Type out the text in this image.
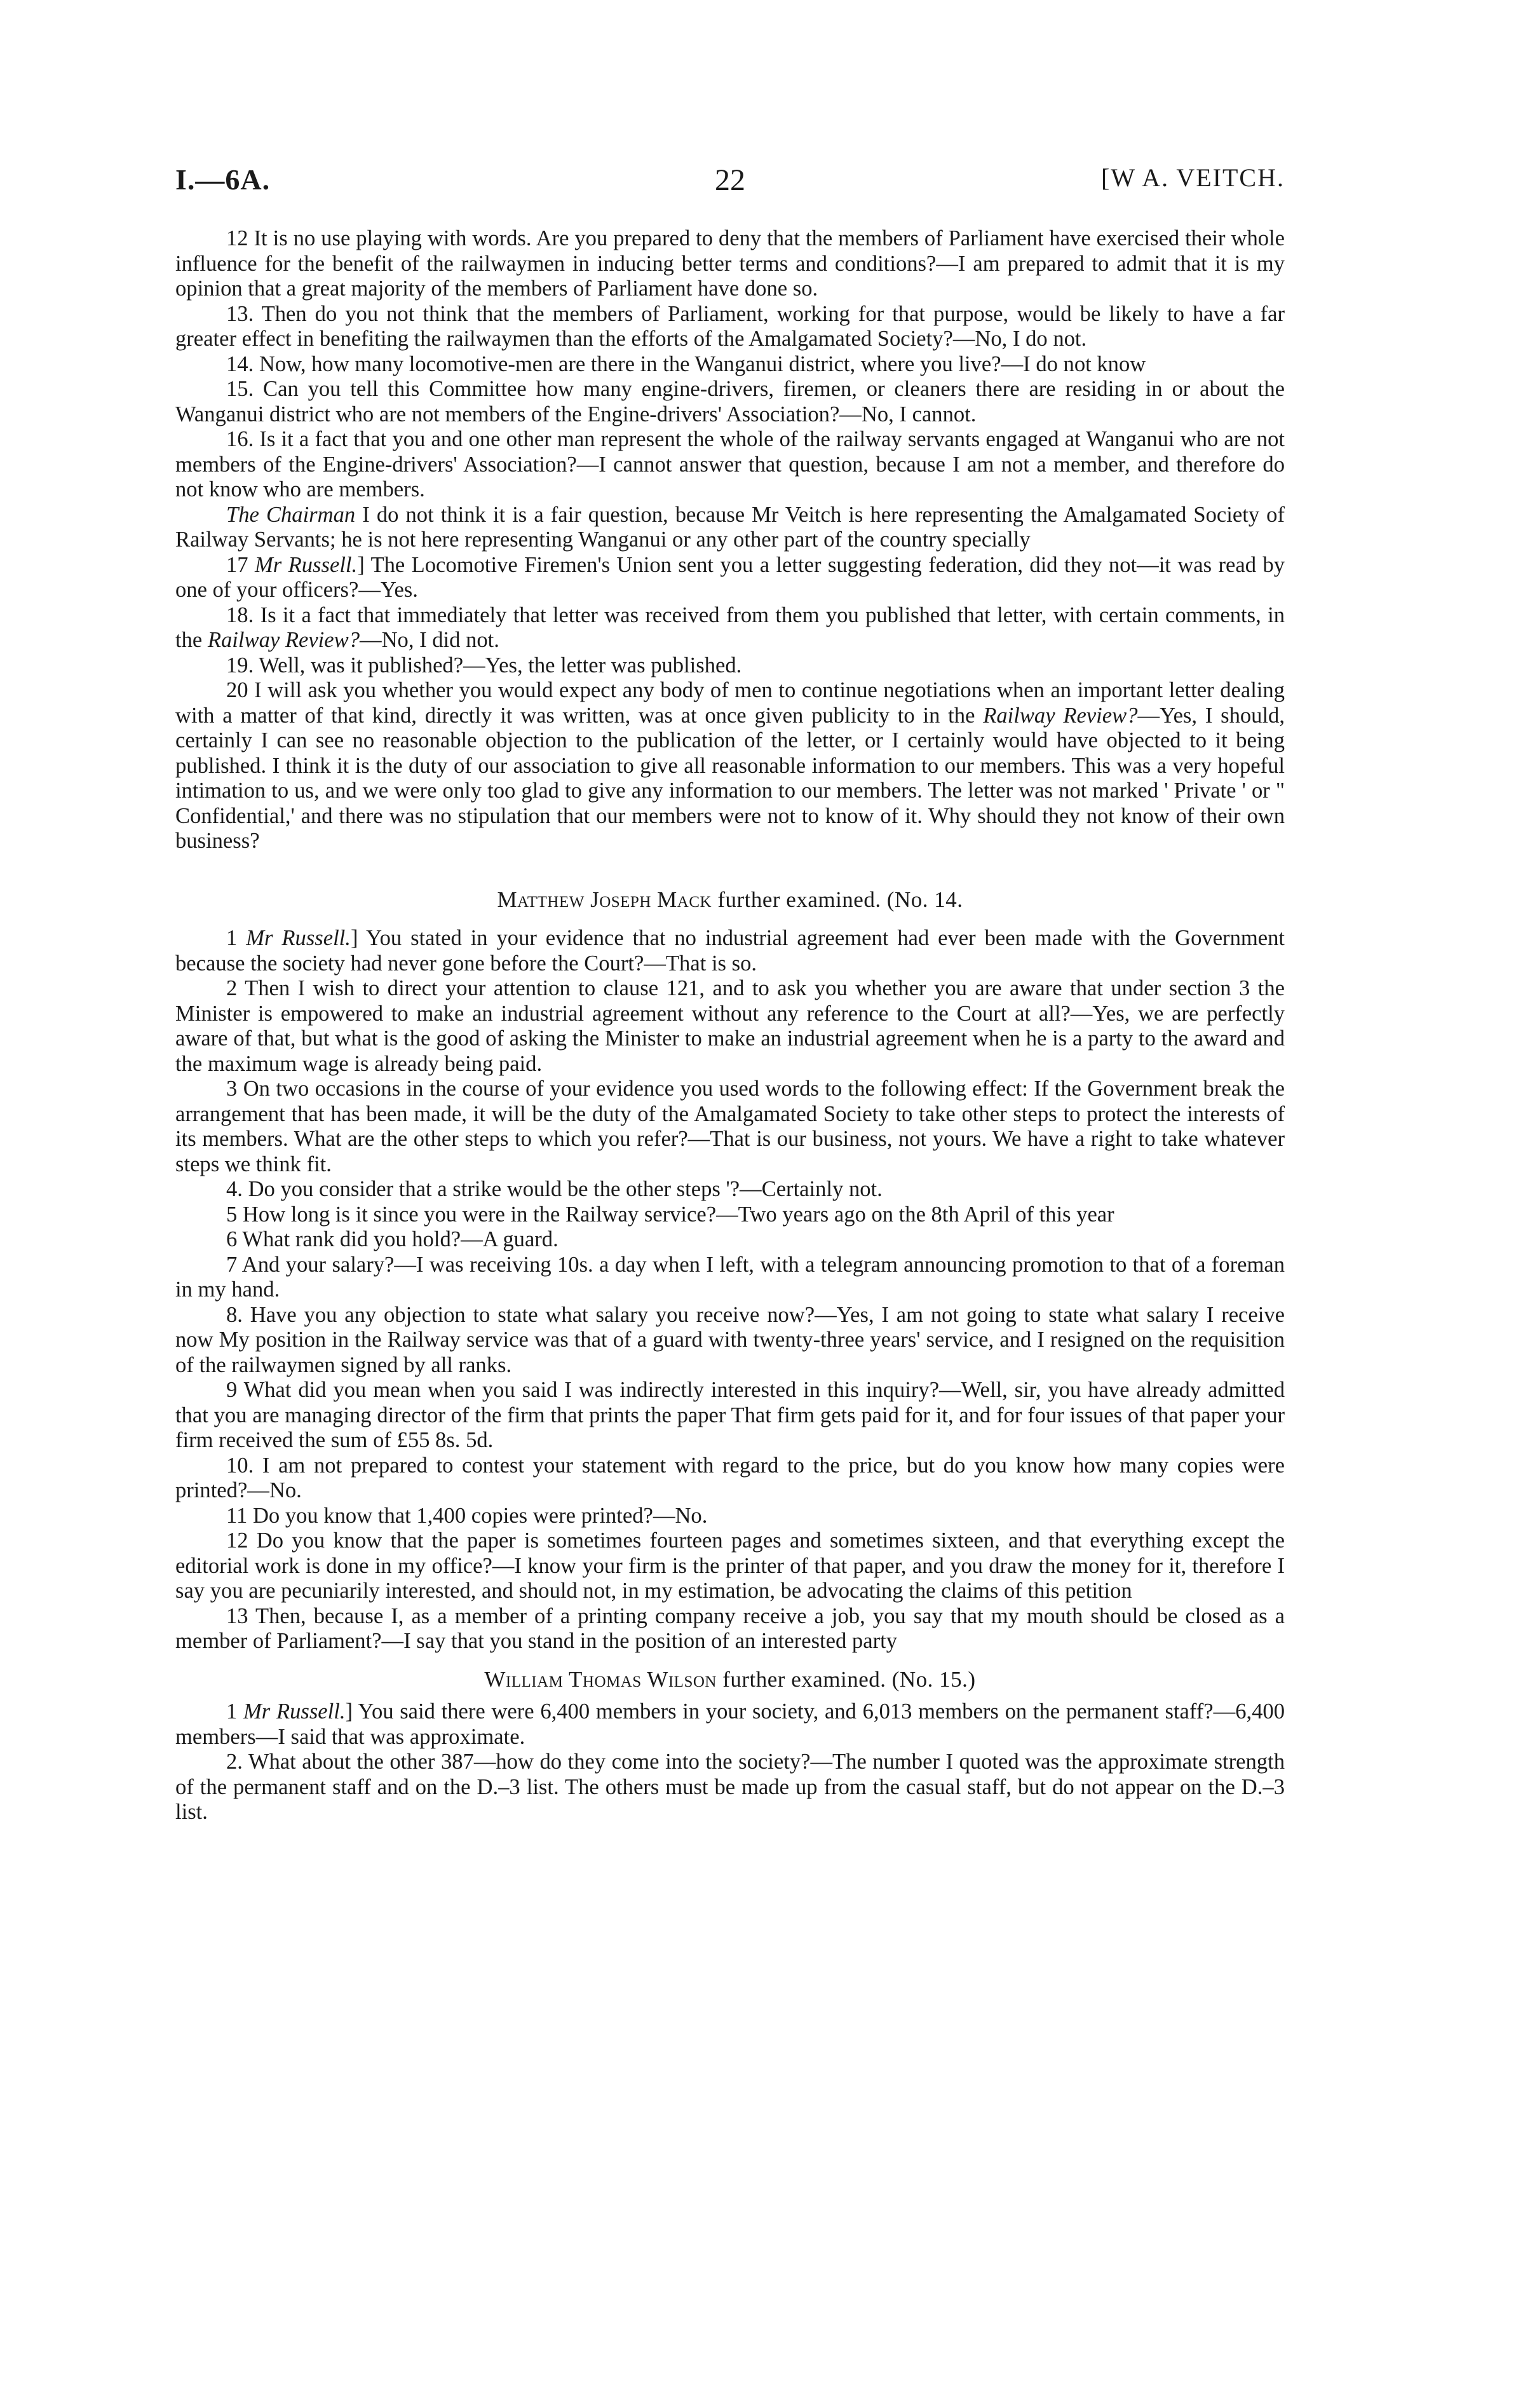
I.—6A.	22	[W A. VEITCH.

12 It is no use playing with words. Are you prepared to deny that the members of Parliament have exercised their whole influence for the benefit of the railwaymen in inducing better terms and conditions?—I am prepared to admit that it is my opinion that a great majority of the members of Parliament have done so.

13. Then do you not think that the members of Parliament, working for that purpose, would be likely to have a far greater effect in benefiting the railwaymen than the efforts of the Amalgamated Society?—No, I do not.

14. Now, how many locomotive-men are there in the Wanganui district, where you live?—I do not know

15. Can you tell this Committee how many engine-drivers, firemen, or cleaners there are residing in or about the Wanganui district who are not members of the Engine-drivers' Association?—No, I cannot.

16. Is it a fact that you and one other man represent the whole of the railway servants engaged at Wanganui who are not members of the Engine-drivers' Association?—I cannot answer that question, because I am not a member, and therefore do not know who are members.

The Chairman I do not think it is a fair question, because Mr Veitch is here representing the Amalgamated Society of Railway Servants; he is not here representing Wanganui or any other part of the country specially

17 Mr Russell.] The Locomotive Firemen's Union sent you a letter suggesting federation, did they not—it was read by one of your officers?—Yes.

18. Is it a fact that immediately that letter was received from them you published that letter, with certain comments, in the Railway Review?—No, I did not.

19. Well, was it published?—Yes, the letter was published.

20 I will ask you whether you would expect any body of men to continue negotiations when an important letter dealing with a matter of that kind, directly it was written, was at once given publicity to in the Railway Review?—Yes, I should, certainly I can see no reasonable objection to the publication of the letter, or I certainly would have objected to it being published. I think it is the duty of our association to give all reasonable information to our members. This was a very hopeful intimation to us, and we were only too glad to give any information to our members. The letter was not marked ' Private ' or " Confidential,' and there was no stipulation that our members were not to know of it. Why should they not know of their own business?

Matthew Joseph Mack further examined. (No. 14.

1 Mr Russell.] You stated in your evidence that no industrial agreement had ever been made with the Government because the society had never gone before the Court?—That is so.

2 Then I wish to direct your attention to clause 121, and to ask you whether you are aware that under section 3 the Minister is empowered to make an industrial agreement without any reference to the Court at all?—Yes, we are perfectly aware of that, but what is the good of asking the Minister to make an industrial agreement when he is a party to the award and the maximum wage is already being paid.

3 On two occasions in the course of your evidence you used words to the following effect: If the Government break the arrangement that has been made, it will be the duty of the Amalgamated Society to take other steps to protect the interests of its members. What are the other steps to which you refer?—That is our business, not yours. We have a right to take whatever steps we think fit.

4. Do you consider that a strike would be the other steps '?—Certainly not.

5 How long is it since you were in the Railway service?—Two years ago on the 8th April of this year

6 What rank did you hold?—A guard.

7 And your salary?—I was receiving 10s. a day when I left, with a telegram announcing promotion to that of a foreman in my hand.

8. Have you any objection to state what salary you receive now?—Yes, I am not going to state what salary I receive now My position in the Railway service was that of a guard with twenty-three years' service, and I resigned on the requisition of the railwaymen signed by all ranks.

9 What did you mean when you said I was indirectly interested in this inquiry?—Well, sir, you have already admitted that you are managing director of the firm that prints the paper That firm gets paid for it, and for four issues of that paper your firm received the sum of £55 8s. 5d.

10. I am not prepared to contest your statement with regard to the price, but do you know how many copies were printed?—No.

11 Do you know that 1,400 copies were printed?—No.

12 Do you know that the paper is sometimes fourteen pages and sometimes sixteen, and that everything except the editorial work is done in my office?—I know your firm is the printer of that paper, and you draw the money for it, therefore I say you are pecuniarily interested, and should not, in my estimation, be advocating the claims of this petition

13 Then, because I, as a member of a printing company receive a job, you say that my mouth should be closed as a member of Parliament?—I say that you stand in the position of an interested party

William Thomas Wilson further examined. (No. 15.)

1 Mr Russell.] You said there were 6,400 members in your society, and 6,013 members on the permanent staff?—6,400 members—I said that was approximate.

2. What about the other 387—how do they come into the society?—The number I quoted was the approximate strength of the permanent staff and on the D.–3 list. The others must be made up from the casual staff, but do not appear on the D.–3 list.
